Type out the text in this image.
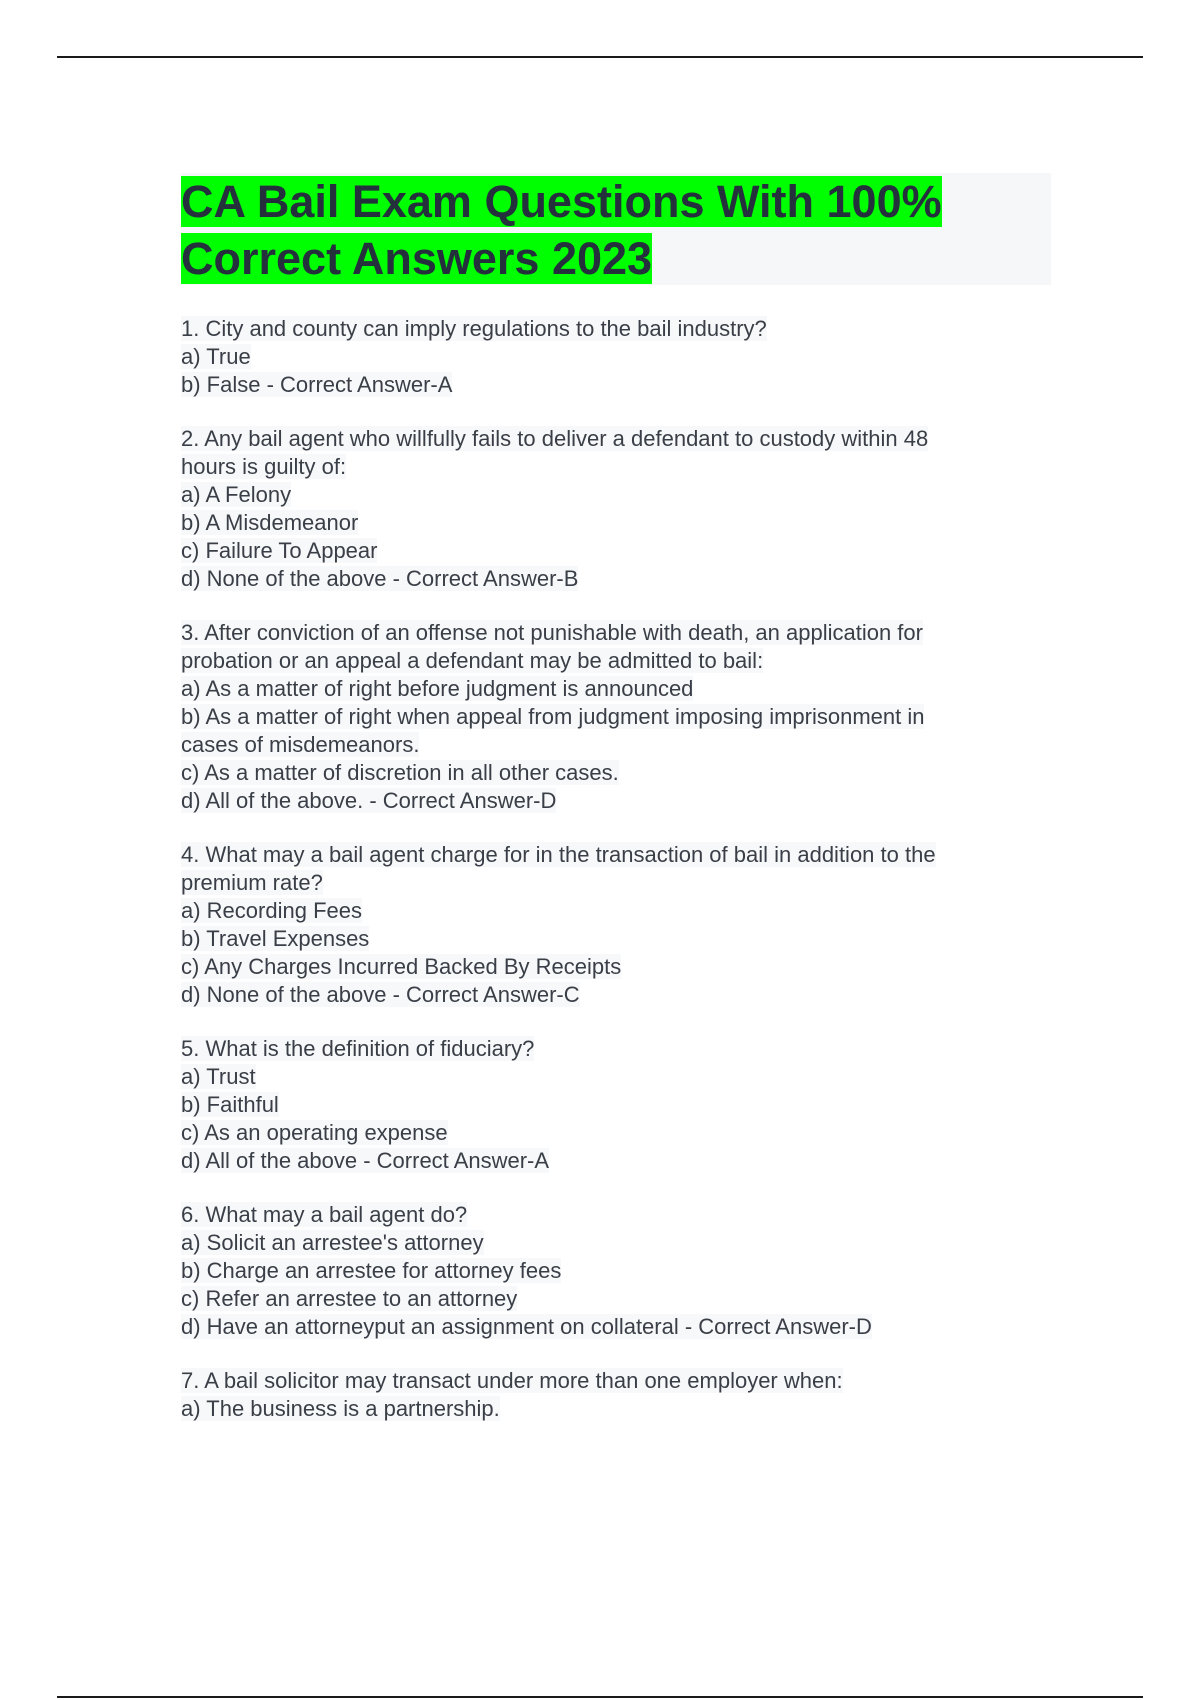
CA Bail Exam Questions With 100% Correct Answers 2023
1. City and county can imply regulations to the bail industry?
a) True
b) False - Correct Answer-A
2. Any bail agent who willfully fails to deliver a defendant to custody within 48
hours is guilty of:
a) A Felony
b) A Misdemeanor
c) Failure To Appear
d) None of the above - Correct Answer-B
3. After conviction of an offense not punishable with death, an application for
probation or an appeal a defendant may be admitted to bail:
a) As a matter of right before judgment is announced
b) As a matter of right when appeal from judgment imposing imprisonment in
cases of misdemeanors.
c) As a matter of discretion in all other cases.
d) All of the above. - Correct Answer-D
4. What may a bail agent charge for in the transaction of bail in addition to the
premium rate?
a) Recording Fees
b) Travel Expenses
c) Any Charges Incurred Backed By Receipts
d) None of the above - Correct Answer-C
5. What is the definition of fiduciary?
a) Trust
b) Faithful
c) As an operating expense
d) All of the above - Correct Answer-A
6. What may a bail agent do?
a) Solicit an arrestee's attorney
b) Charge an arrestee for attorney fees
c) Refer an arrestee to an attorney
d) Have an attorneyput an assignment on collateral - Correct Answer-D
7. A bail solicitor may transact under more than one employer when:
a) The business is a partnership.
